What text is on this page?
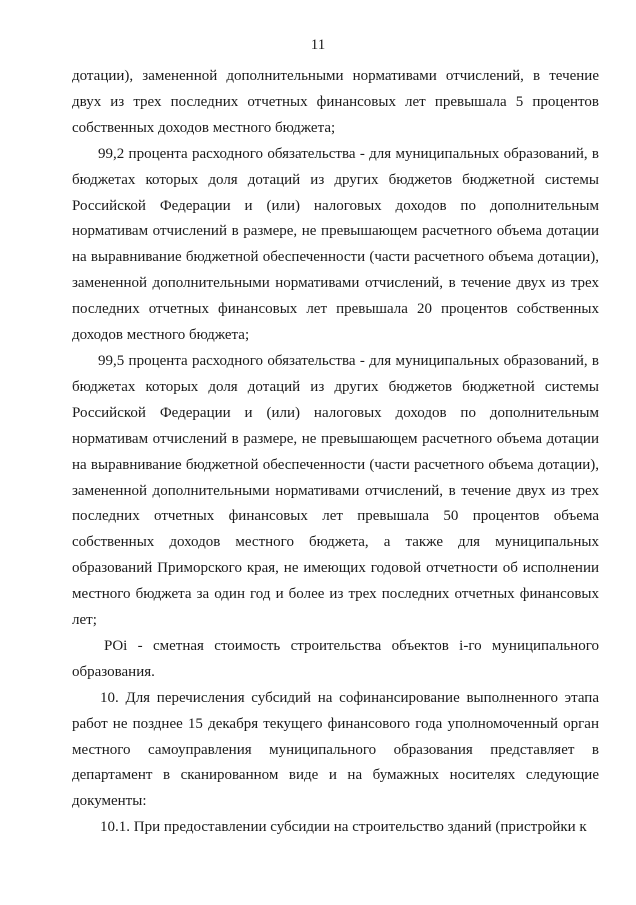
11

дотации), замененной дополнительными нормативами отчислений, в течение двух из трех последних отчетных финансовых лет превышала 5 процентов собственных доходов местного бюджета;

99,2 процента расходного обязательства - для муниципальных образований, в бюджетах которых доля дотаций из других бюджетов бюджетной системы Российской Федерации и (или) налоговых доходов по дополнительным нормативам отчислений в размере, не превышающем расчетного объема дотации на выравнивание бюджетной обеспеченности (части расчетного объема дотации), замененной дополнительными нормативами отчислений, в течение двух из трех последних отчетных финансовых лет превышала 20 процентов собственных доходов местного бюджета;

99,5 процента расходного обязательства - для муниципальных образований, в бюджетах которых доля дотаций из других бюджетов бюджетной системы Российской Федерации и (или) налоговых доходов по дополнительным нормативам отчислений в размере, не превышающем расчетного объема дотации на выравнивание бюджетной обеспеченности (части расчетного объема дотации), замененной дополнительными нормативами отчислений, в течение двух из трех последних отчетных финансовых лет превышала 50 процентов объема собственных доходов местного бюджета, а также для муниципальных образований Приморского края, не имеющих годовой отчетности об исполнении местного бюджета за один год и более из трех последних отчетных финансовых лет;

POi - сметная стоимость строительства объектов i-го муниципального образования.

10. Для перечисления субсидий на софинансирование выполненного этапа работ не позднее 15 декабря текущего финансового года уполномоченный орган местного самоуправления муниципального образования представляет в департамент в сканированном виде и на бумажных носителях следующие документы:

10.1. При предоставлении субсидии на строительство зданий (пристройки к
